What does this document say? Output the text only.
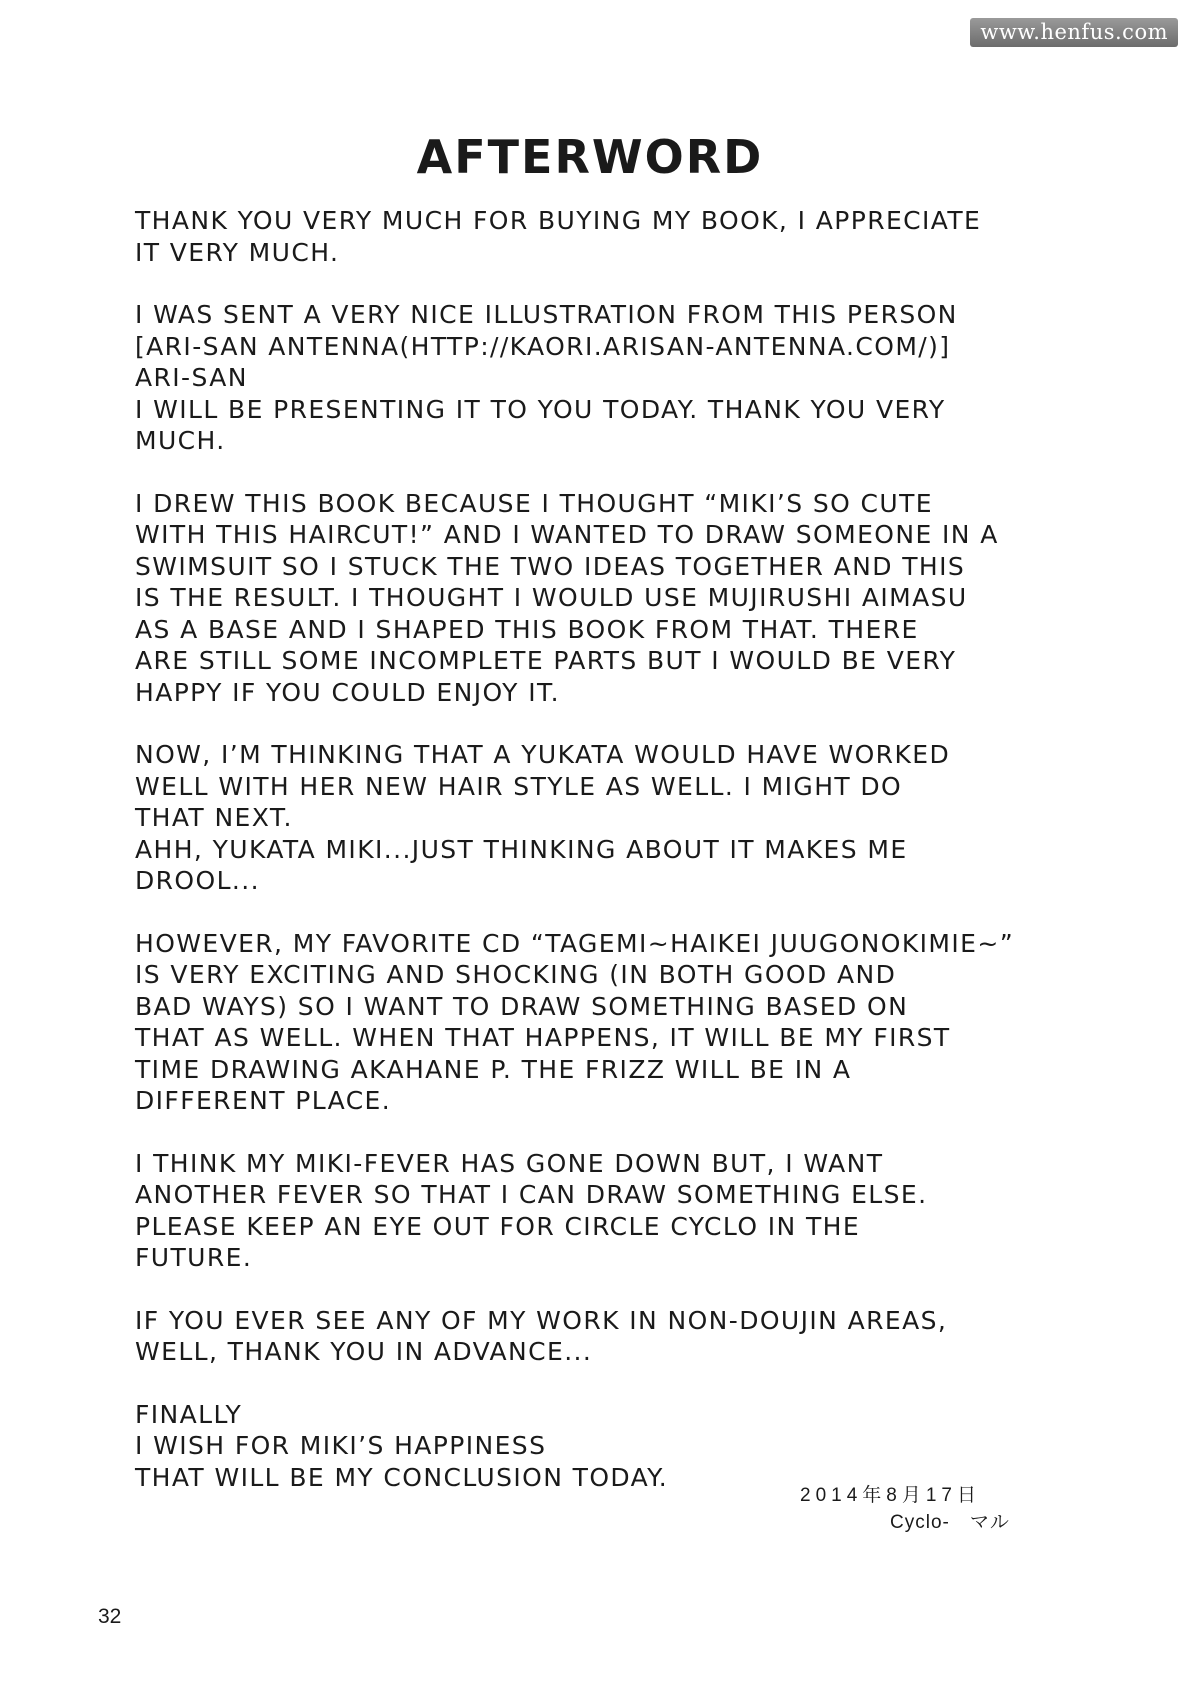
www.henfus.com
AFTERWORD
THANK YOU VERY MUCH FOR BUYING MY BOOK, I APPRECIATE
IT VERY MUCH.
I WAS SENT A VERY NICE ILLUSTRATION FROM THIS PERSON
[ARI-SAN ANTENNA(HTTP://KAORI.ARISAN-ANTENNA.COM/)]
ARI-SAN
I WILL BE PRESENTING IT TO YOU TODAY. THANK YOU VERY
MUCH.
I DREW THIS BOOK BECAUSE I THOUGHT “MIKI’S SO CUTE
WITH THIS HAIRCUT!” AND I WANTED TO DRAW SOMEONE IN A
SWIMSUIT SO I STUCK THE TWO IDEAS TOGETHER AND THIS
IS THE RESULT. I THOUGHT I WOULD USE MUJIRUSHI AIMASU
AS A BASE AND I SHAPED THIS BOOK FROM THAT. THERE
ARE STILL SOME INCOMPLETE PARTS BUT I WOULD BE VERY
HAPPY IF YOU COULD ENJOY IT.
NOW, I’M THINKING THAT A YUKATA WOULD HAVE WORKED
WELL WITH HER NEW HAIR STYLE AS WELL. I MIGHT DO
THAT NEXT.
AHH, YUKATA MIKI...JUST THINKING ABOUT IT MAKES ME
DROOL...
HOWEVER, MY FAVORITE CD “TAGEMI~HAIKEI JUUGONOKIMIE~”
IS VERY EXCITING AND SHOCKING (IN BOTH GOOD AND
BAD WAYS) SO I WANT TO DRAW SOMETHING BASED ON
THAT AS WELL. WHEN THAT HAPPENS, IT WILL BE MY FIRST
TIME DRAWING AKAHANE P. THE FRIZZ WILL BE IN A
DIFFERENT PLACE.
I THINK MY MIKI-FEVER HAS GONE DOWN BUT, I WANT
ANOTHER FEVER SO THAT I CAN DRAW SOMETHING ELSE.
PLEASE KEEP AN EYE OUT FOR CIRCLE CYCLO IN THE
FUTURE.
IF YOU EVER SEE ANY OF MY WORK IN NON-DOUJIN AREAS,
WELL, THANK YOU IN ADVANCE...
FINALLY
I WISH FOR MIKI’S HAPPINESS
THAT WILL BE MY CONCLUSION TODAY.
2014年8月17日
Cyclo-　マル
32
